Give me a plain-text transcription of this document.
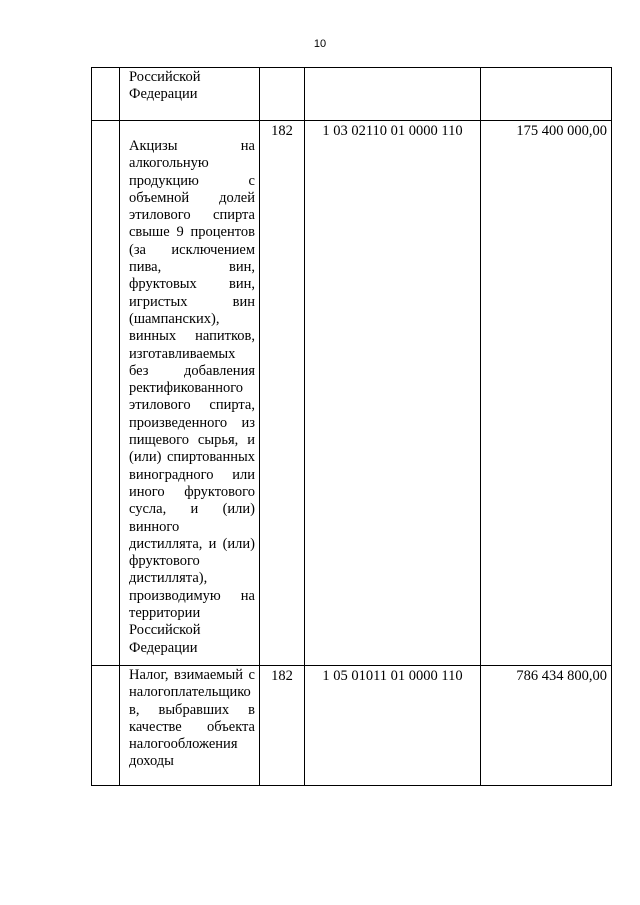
10

	Российской Федерации			

	Акцизы на алкогольную продукцию с объемной долей этилового спирта свыше 9 процентов (за исключением пива, вин, фруктовых вин, игристых вин (шампанских), винных напитков, изготавливаемых без добавления ректификованного этилового спирта, произведенного из пищевого сырья, и (или) спиртованных виноградного или иного фруктового сусла, и (или) винного дистиллята, и (или) фруктового дистиллята), производимую на территории Российской Федерации	182	1 03 02110 01 0000 110	175 400 000,00

	Налог, взимаемый с налогоплательщиков, выбравших в качестве объекта налогообложения доходы	182	1 05 01011 01 0000 110	786 434 800,00
